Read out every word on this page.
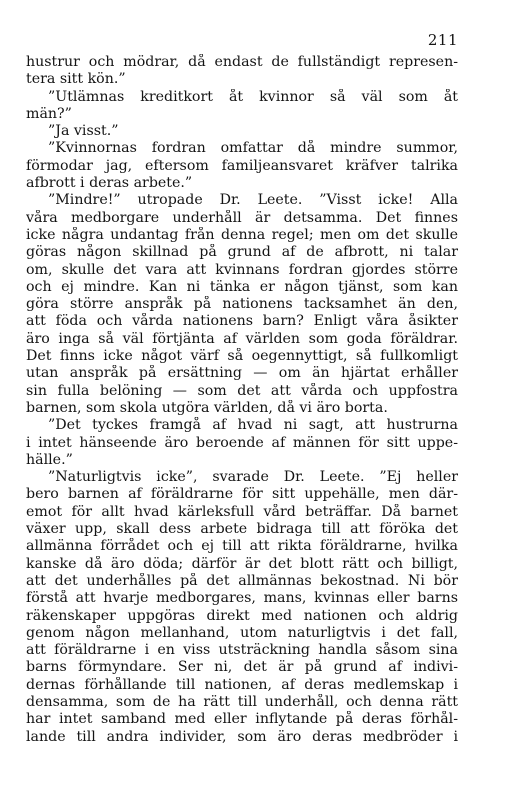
211
hustrur och mödrar, då endast de fullständigt represen-
tera sitt kön.”
”Utlämnas kreditkort åt kvinnor så väl som åt
män?”
”Ja visst.”
”Kvinnornas fordran omfattar då mindre summor,
förmodar jag, eftersom familjeansvaret kräfver talrika
afbrott i deras arbete.”
”Mindre!” utropade Dr. Leete. ”Visst icke! Alla
våra medborgare underhåll är detsamma. Det finnes
icke några undantag från denna regel; men om det skulle
göras någon skillnad på grund af de afbrott, ni talar
om, skulle det vara att kvinnans fordran gjordes större
och ej mindre. Kan ni tänka er någon tjänst, som kan
göra större anspråk på nationens tacksamhet än den,
att föda och vårda nationens barn? Enligt våra åsikter
äro inga så väl förtjänta af världen som goda föräldrar.
Det finns icke något värf så oegennyttigt, så fullkomligt
utan anspråk på ersättning — om än hjärtat erhåller
sin fulla belöning — som det att vårda och uppfostra
barnen, som skola utgöra världen, då vi äro borta.
”Det tyckes framgå af hvad ni sagt, att hustrurna
i intet hänseende äro beroende af männen för sitt uppe-
hälle.”
”Naturligtvis icke”, svarade Dr. Leete. ”Ej heller
bero barnen af föräldrarne för sitt uppehälle, men där-
emot för allt hvad kärleksfull vård beträffar. Då barnet
växer upp, skall dess arbete bidraga till att föröka det
allmänna förrådet och ej till att rikta föräldrarne, hvilka
kanske då äro döda; därför är det blott rätt och billigt,
att det underhålles på det allmännas bekostnad. Ni bör
förstå att hvarje medborgares, mans, kvinnas eller barns
räkenskaper uppgöras direkt med nationen och aldrig
genom någon mellanhand, utom naturligtvis i det fall,
att föräldrarne i en viss utsträckning handla såsom sina
barns förmyndare. Ser ni, det är på grund af indivi-
dernas förhållande till nationen, af deras medlemskap i
densamma, som de ha rätt till underhåll, och denna rätt
har intet samband med eller inflytande på deras förhål-
lande till andra individer, som äro deras medbröder i
